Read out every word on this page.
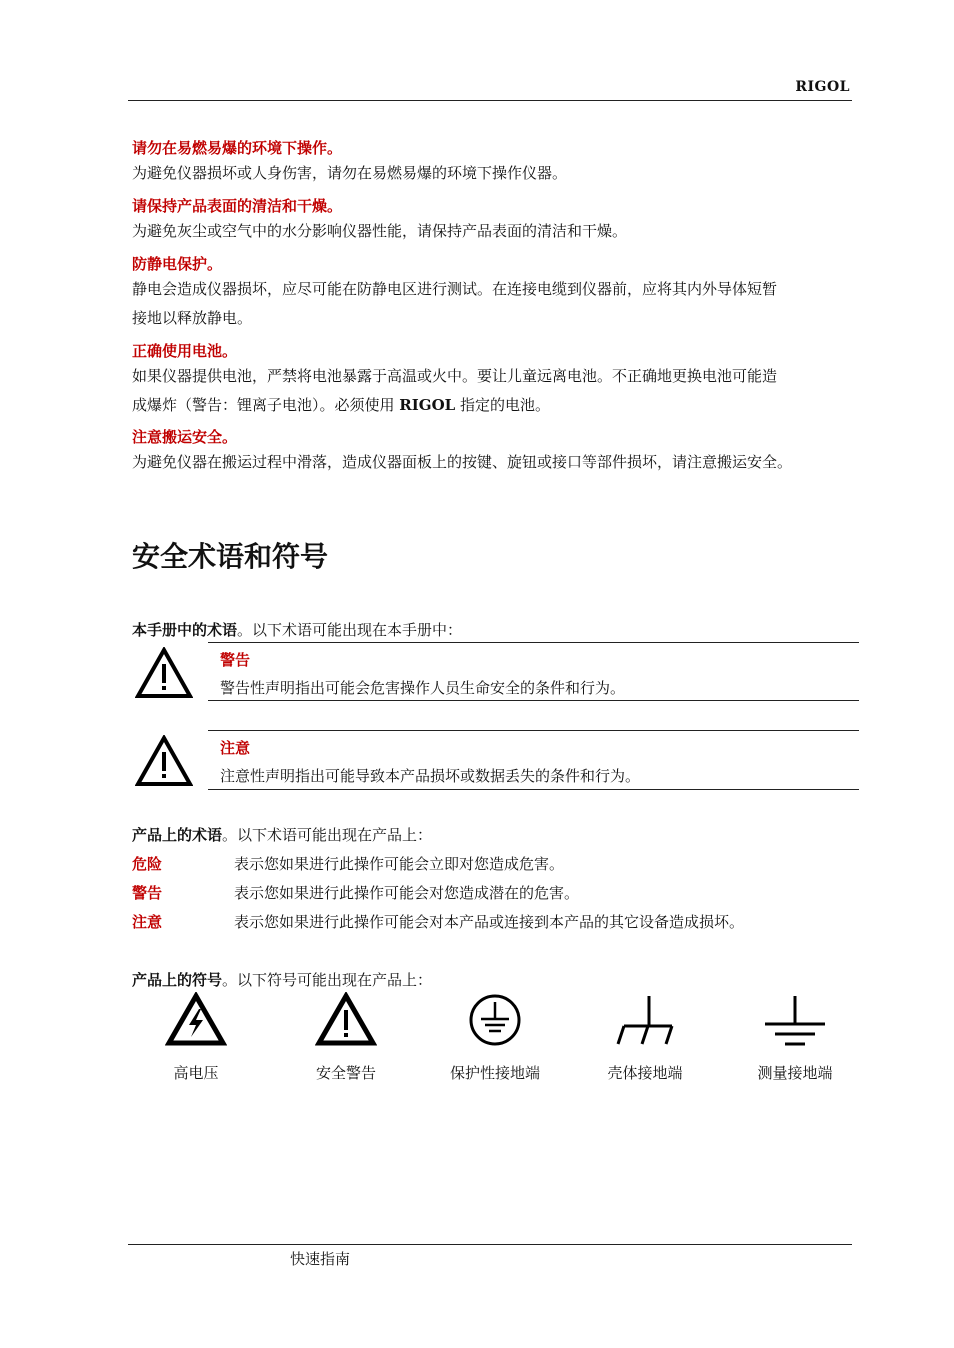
RIGOL
请勿在易燃易爆的环境下操作。
为避免仪器损坏或人身伤害，请勿在易燃易爆的环境下操作仪器。
请保持产品表面的清洁和干燥。
为避免灰尘或空气中的水分影响仪器性能，请保持产品表面的清洁和干燥。
防静电保护。
静电会造成仪器损坏，应尽可能在防静电区进行测试。在连接电缆到仪器前，应将其内外导体短暂
接地以释放静电。
正确使用电池。
如果仪器提供电池，严禁将电池暴露于高温或火中。要让儿童远离电池。不正确地更换电池可能造
成爆炸（警告：锂离子电池）。必须使用 RIGOL 指定的电池。
注意搬运安全。
为避免仪器在搬运过程中滑落，造成仪器面板上的按键、旋钮或接口等部件损坏，请注意搬运安全。
安全术语和符号
本手册中的术语。以下术语可能出现在本手册中：
警告
警告性声明指出可能会危害操作人员生命安全的条件和行为。
注意
注意性声明指出可能导致本产品损坏或数据丢失的条件和行为。
产品上的术语。以下术语可能出现在产品上：
危险	表示您如果进行此操作可能会立即对您造成危害。
警告	表示您如果进行此操作可能会对您造成潜在的危害。
注意	表示您如果进行此操作可能会对本产品或连接到本产品的其它设备造成损坏。
产品上的符号。以下符号可能出现在产品上：
高电压	安全警告	保护性接地端	壳体接地端	测量接地端
快速指南
